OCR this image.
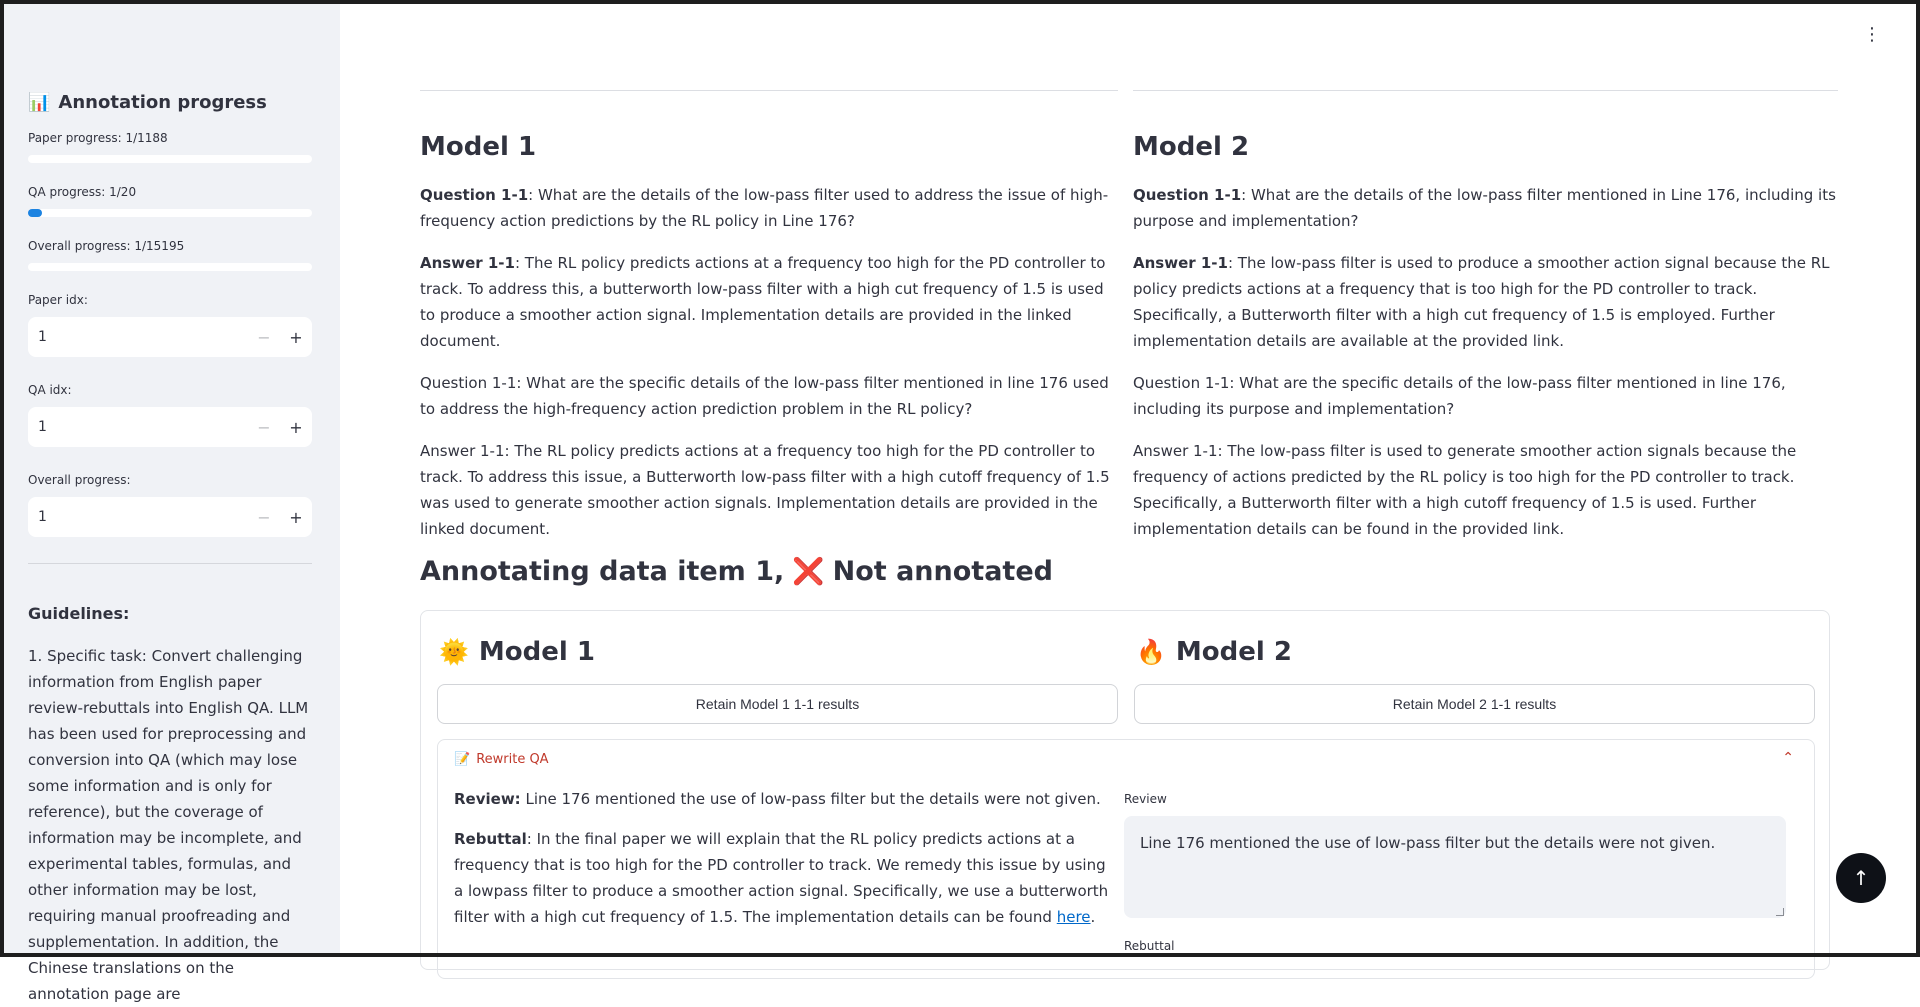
📊 Annotation progress
Paper progress: 1/1188
QA progress: 1/20
Overall progress: 1/15195
Paper idx:
1	−	+
QA idx:
1	−	+
Overall progress:
1	−	+
Guidelines:
1. Specific task: Convert challenging information from English paper review-rebuttals into English QA. LLM has been used for preprocessing and conversion into QA (which may lose some information and is only for reference), but the coverage of information may be incomplete, and experimental tables, formulas, and other information may be lost, requiring manual proofreading and supplementation. In addition, the Chinese translations on the annotation page are
⋮
Model 1	Model 2

Question 1-1: What are the details of the low-pass filter used to address the issue of high-frequency action predictions by the RL policy in Line 176?

Answer 1-1: The RL policy predicts actions at a frequency too high for the PD controller to track. To address this, a butterworth low-pass filter with a high cut frequency of 1.5 is used to produce a smoother action signal. Implementation details are provided in the linked document.

Question 1-1: What are the specific details of the low-pass filter mentioned in line 176 used to address the high-frequency action prediction problem in the RL policy?

Answer 1-1: The RL policy predicts actions at a frequency too high for the PD controller to track. To address this issue, a Butterworth low-pass filter with a high cutoff frequency of 1.5 was used to generate smoother action signals. Implementation details are provided in the linked document.

Question 1-1: What are the details of the low-pass filter mentioned in Line 176, including its purpose and implementation?

Answer 1-1: The low-pass filter is used to produce a smoother action signal because the RL policy predicts actions at a frequency that is too high for the PD controller to track. Specifically, a Butterworth filter with a high cut frequency of 1.5 is employed. Further implementation details are available at the provided link.

Question 1-1: What are the specific details of the low-pass filter mentioned in line 176, including its purpose and implementation?

Answer 1-1: The low-pass filter is used to generate smoother action signals because the frequency of actions predicted by the RL policy is too high for the PD controller to track. Specifically, a Butterworth filter with a high cutoff frequency of 1.5 is used. Further implementation details can be found in the provided link.

Annotating data item 1, ❌ Not annotated
🌞 Model 1	🔥 Model 2
Retain Model 1 1-1 results	Retain Model 2 1-1 results
📝 Rewrite QA	⌃

Review: Line 176 mentioned the use of low-pass filter but the details were not given.

Rebuttal: In the final paper we will explain that the RL policy predicts actions at a frequency that is too high for the PD controller to track. We remedy this issue by using a lowpass filter to produce a smoother action signal. Specifically, we use a butterworth filter with a high cut frequency of 1.5. The implementation details can be found here.

Review
Line 176 mentioned the use of low-pass filter but the details were not given.
Rebuttal
↑
